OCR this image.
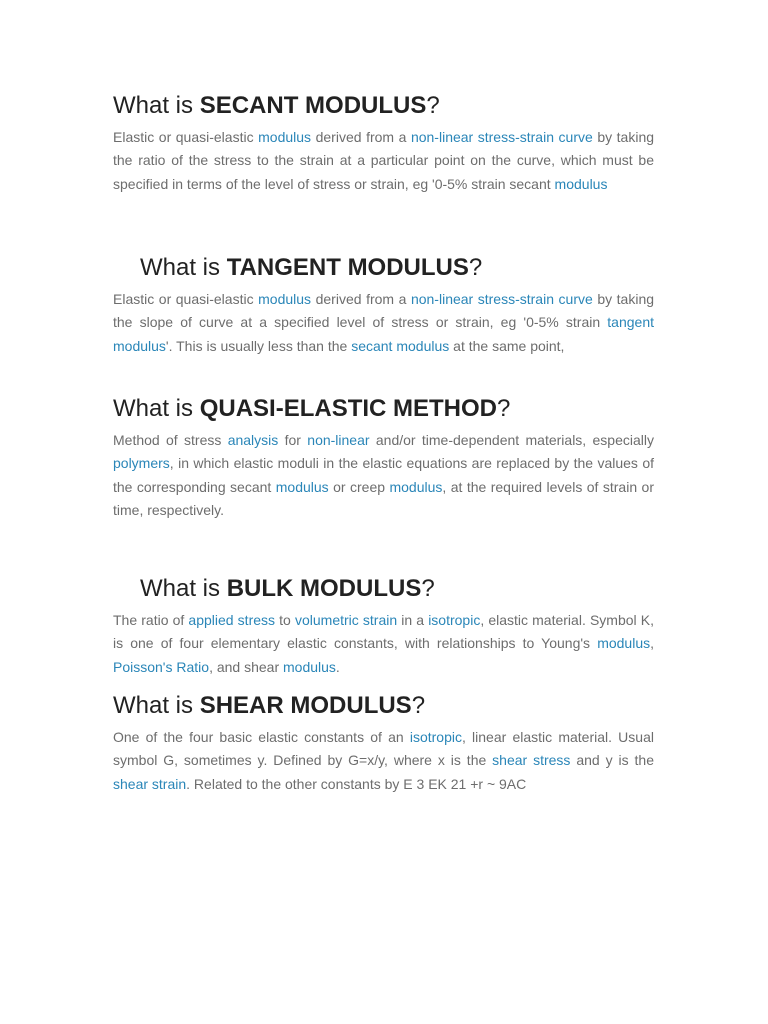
What is SECANT MODULUS?

Elastic or quasi-elastic modulus derived from a non-linear stress-strain curve by taking the ratio of the stress to the strain at a particular point on the curve, which must be specified in terms of the level of stress or strain, eg '0-5% strain secant modulus

What is TANGENT MODULUS?

Elastic or quasi-elastic modulus derived from a non-linear stress-strain curve by taking the slope of curve at a specified level of stress or strain, eg '0-5% strain tangent modulus'. This is usually less than the secant modulus at the same point,

What is QUASI-ELASTIC METHOD?

Method of stress analysis for non-linear and/or time-dependent materials, especially polymers, in which elastic moduli in the elastic equations are replaced by the values of the corresponding secant modulus or creep modulus, at the required levels of strain or time, respectively.

What is BULK MODULUS?

The ratio of applied stress to volumetric strain in a isotropic, elastic material. Symbol K, is one of four elementary elastic constants, with relationships to Young's modulus, Poisson's Ratio, and shear modulus.

What is SHEAR MODULUS?

One of the four basic elastic constants of an isotropic, linear elastic material. Usual symbol G, sometimes y. Defined by G=x/y, where x is the shear stress and y is the shear strain. Related to the other constants by E 3 EK 21 +r ~ 9AC
